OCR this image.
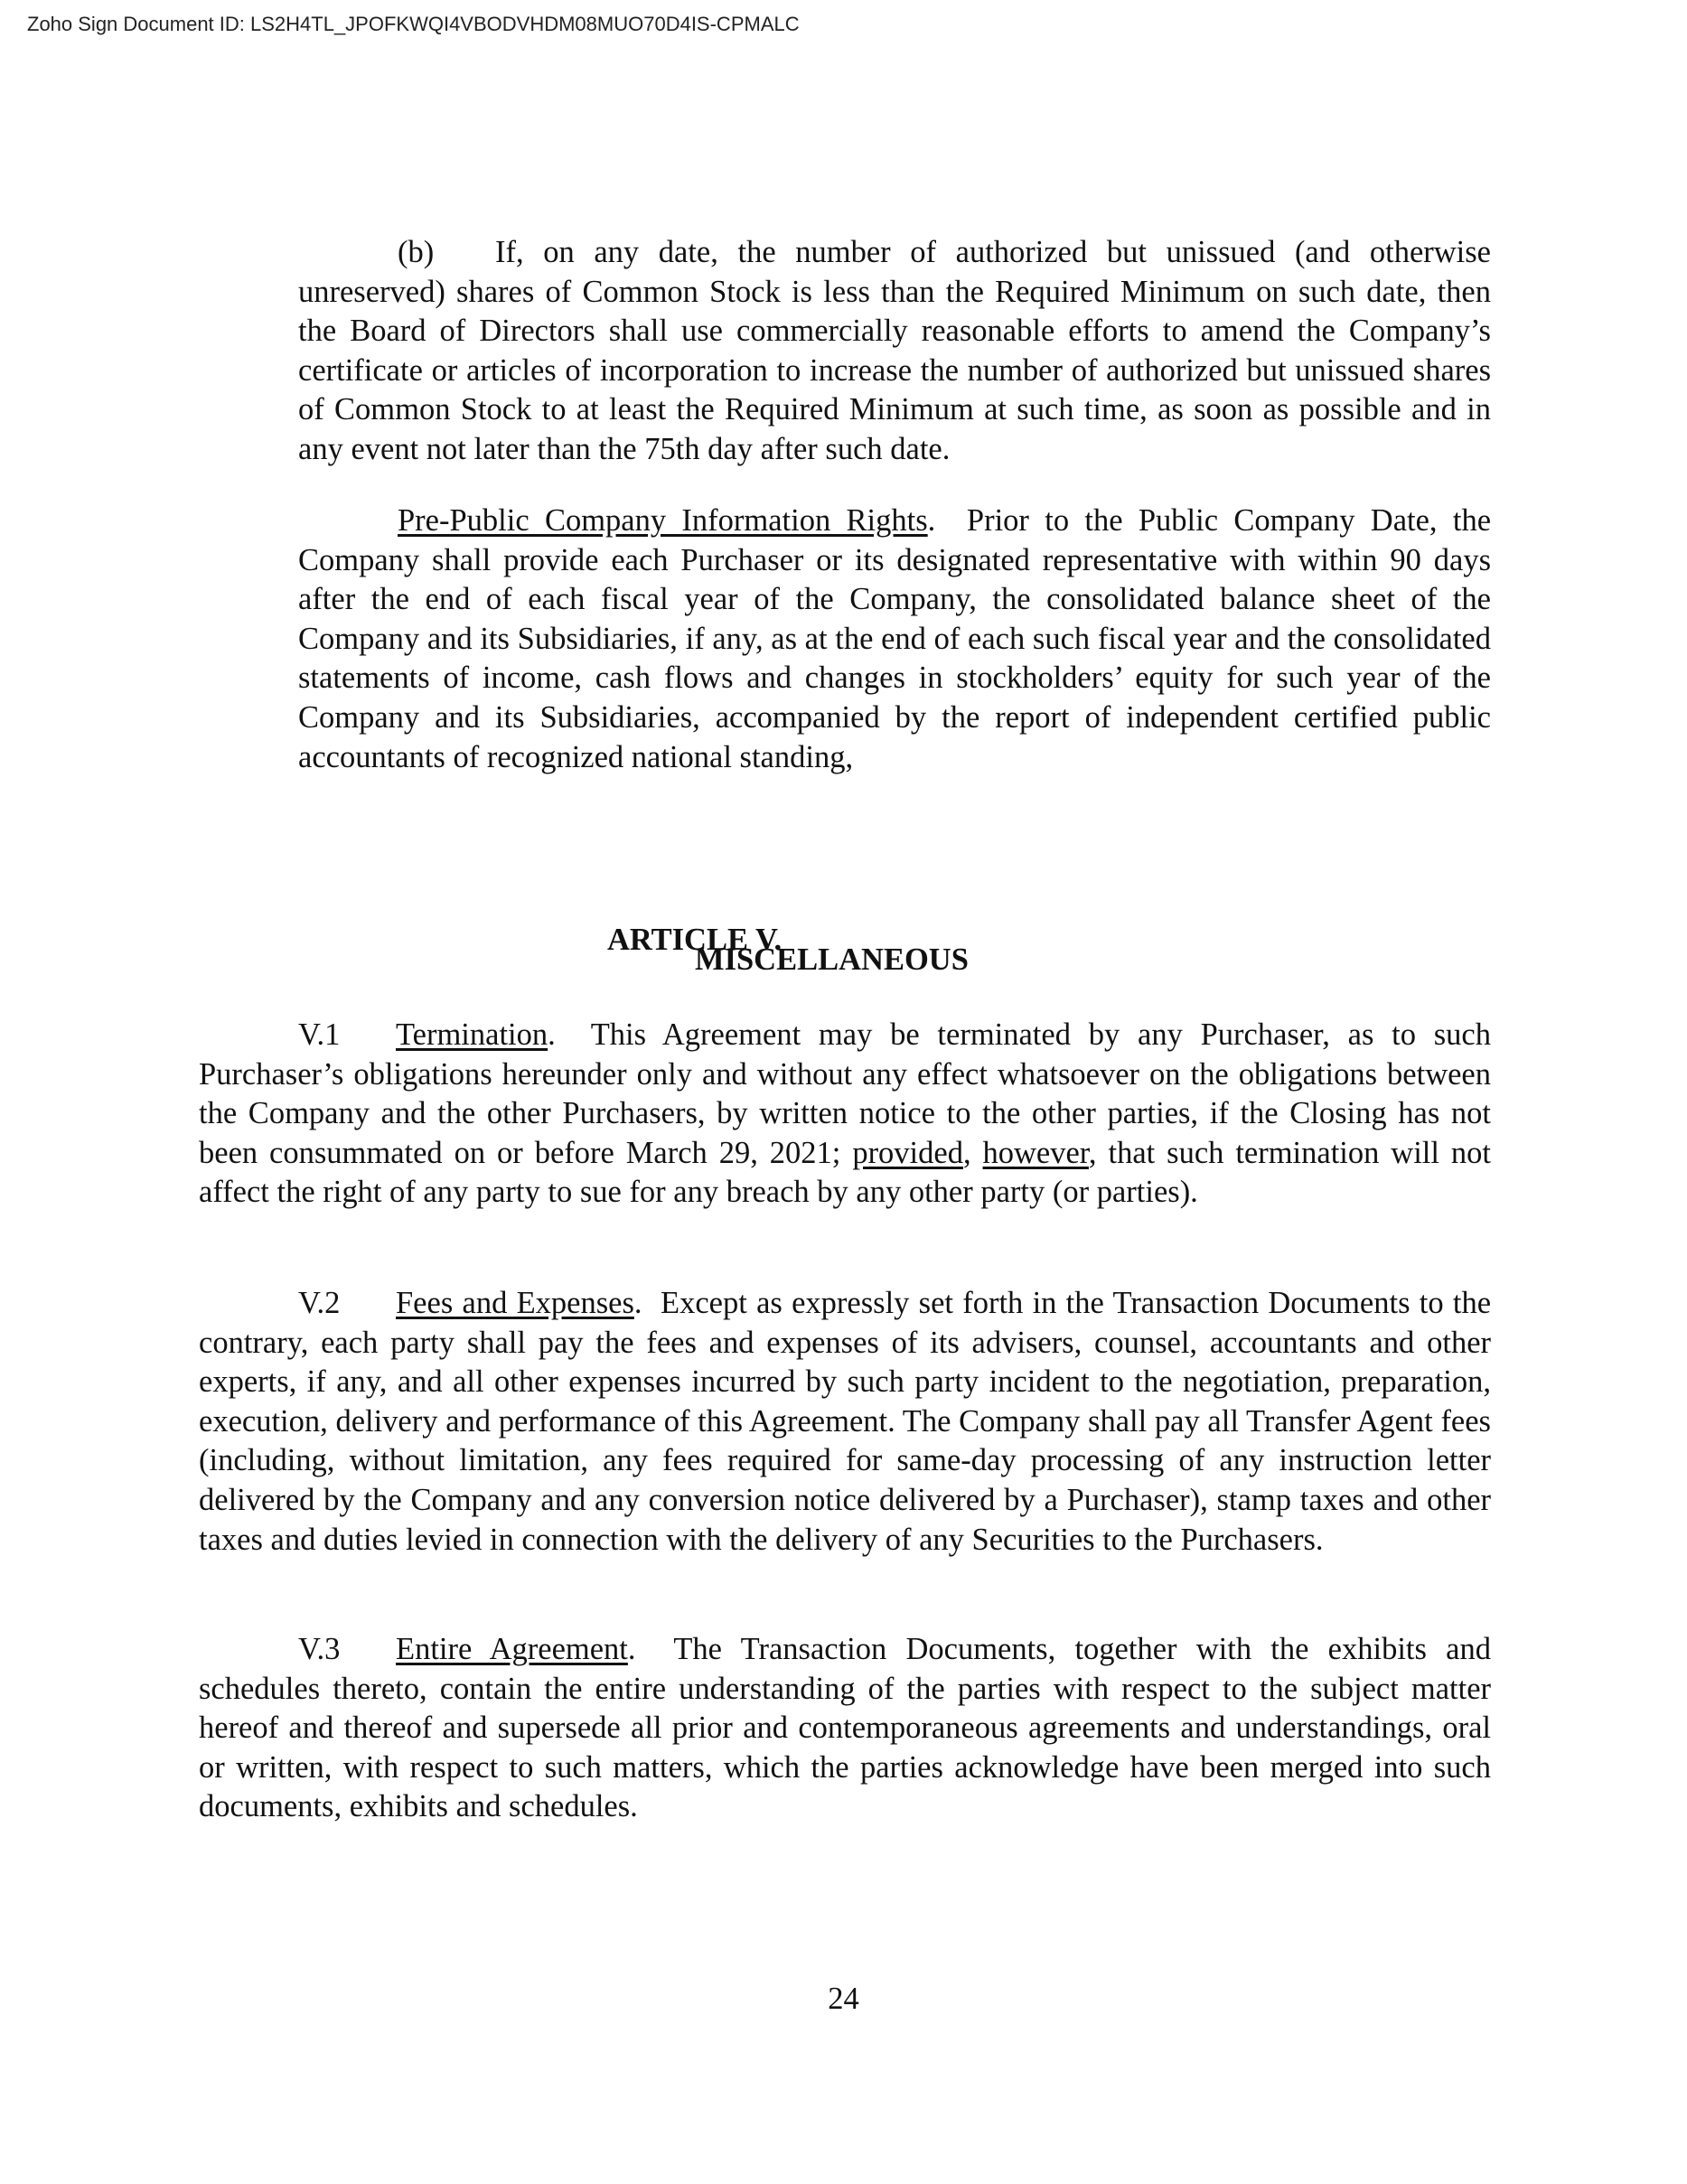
Zoho Sign Document ID: LS2H4TL_JPOFKWQI4VBODVHDM08MUO70D4IS-CPMALC

(b) If, on any date, the number of authorized but unissued (and otherwise unreserved) shares of Common Stock is less than the Required Minimum on such date, then the Board of Directors shall use commercially reasonable efforts to amend the Company’s certificate or articles of incorporation to increase the number of authorized but unissued shares of Common Stock to at least the Required Minimum at such time, as soon as possible and in any event not later than the 75th day after such date.

Pre-Public Company Information Rights. Prior to the Public Company Date, the Company shall provide each Purchaser or its designated representative with within 90 days after the end of each fiscal year of the Company, the consolidated balance sheet of the Company and its Subsidiaries, if any, as at the end of each such fiscal year and the consolidated statements of income, cash flows and changes in stockholders’ equity for such year of the Company and its Subsidiaries, accompanied by the report of independent certified public accountants of recognized national standing,

ARTICLE V.
MISCELLANEOUS

V.1 Termination.  This Agreement may be terminated by any Purchaser, as to such Purchaser’s obligations hereunder only and without any effect whatsoever on the obligations between the Company and the other Purchasers, by written notice to the other parties, if the Closing has not been consummated on or before March 29, 2021; provided, however, that such termination will not affect the right of any party to sue for any breach by any other party (or parties).

V.2 Fees and Expenses.  Except as expressly set forth in the Transaction Documents to the contrary, each party shall pay the fees and expenses of its advisers, counsel, accountants and other experts, if any, and all other expenses incurred by such party incident to the negotiation, preparation, execution, delivery and performance of this Agreement. The Company shall pay all Transfer Agent fees (including, without limitation, any fees required for same-day processing of any instruction letter delivered by the Company and any conversion notice delivered by a Purchaser), stamp taxes and other taxes and duties levied in connection with the delivery of any Securities to the Purchasers.

V.3 Entire Agreement.  The Transaction Documents, together with the exhibits and schedules thereto, contain the entire understanding of the parties with respect to the subject matter hereof and thereof and supersede all prior and contemporaneous agreements and understandings, oral or written, with respect to such matters, which the parties acknowledge have been merged into such documents, exhibits and schedules.

24
